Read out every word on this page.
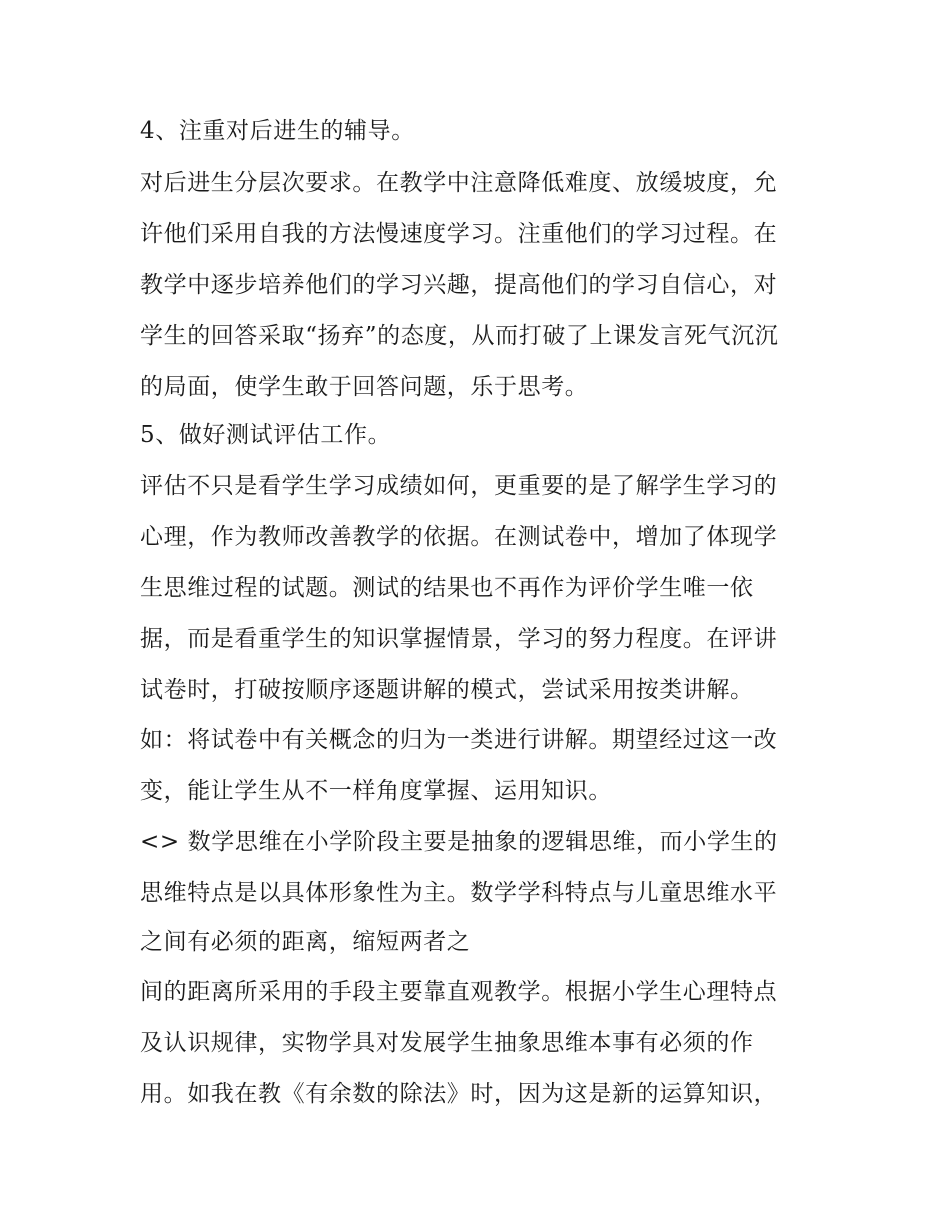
4、注重对后进生的辅导。
对后进生分层次要求。在教学中注意降低难度、放缓坡度，允
许他们采用自我的方法慢速度学习。注重他们的学习过程。在
教学中逐步培养他们的学习兴趣，提高他们的学习自信心，对
学生的回答采取“扬弃”的态度，从而打破了上课发言死气沉沉
的局面，使学生敢于回答问题，乐于思考。
5、做好测试评估工作。
评估不只是看学生学习成绩如何，更重要的是了解学生学习的
心理，作为教师改善教学的依据。在测试卷中，增加了体现学
生思维过程的试题。测试的结果也不再作为评价学生唯一依
据，而是看重学生的知识掌握情景，学习的努力程度。在评讲
试卷时，打破按顺序逐题讲解的模式，尝试采用按类讲解。
如：将试卷中有关概念的归为一类进行讲解。期望经过这一改
变，能让学生从不一样角度掌握、运用知识。
<> 数学思维在小学阶段主要是抽象的逻辑思维，而小学生的
思维特点是以具体形象性为主。数学学科特点与儿童思维水平
之间有必须的距离，缩短两者之
间的距离所采用的手段主要靠直观教学。根据小学生心理特点
及认识规律，实物学具对发展学生抽象思维本事有必须的作
用。如我在教《有余数的除法》时，因为这是新的运算知识，
